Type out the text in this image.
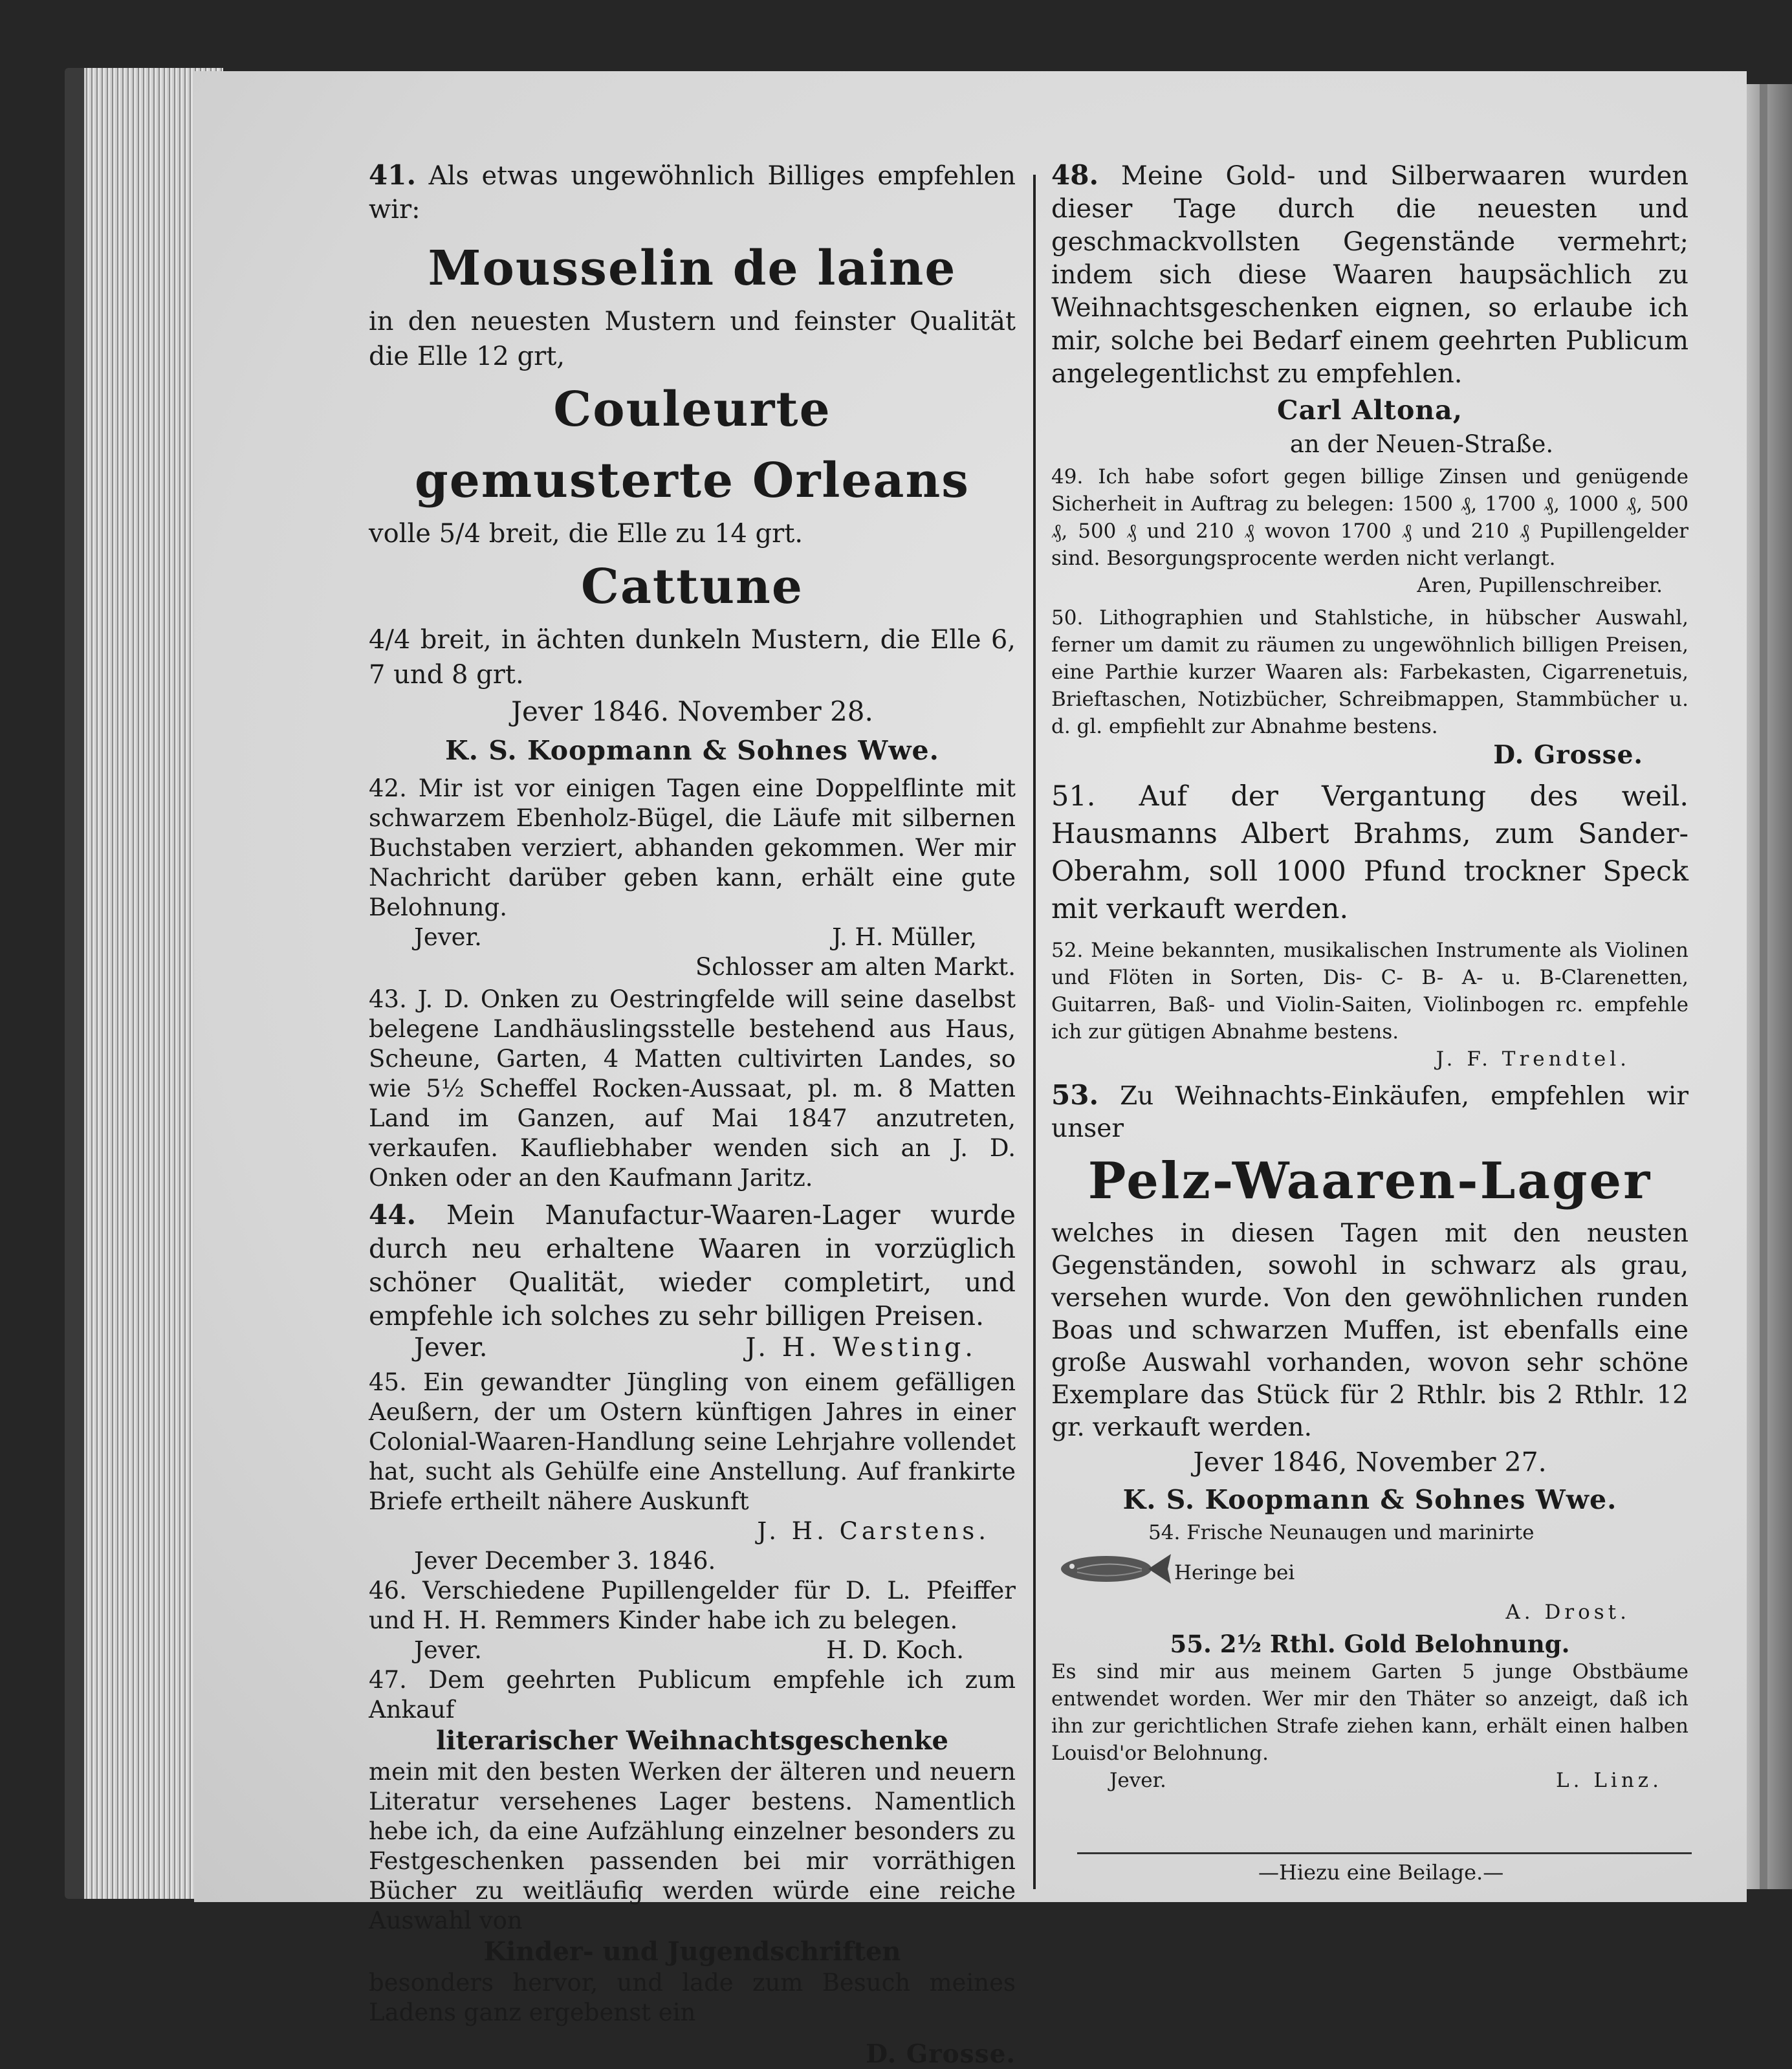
41. Als etwas ungewöhnlich Billiges empfehlen wir:

Mousselin de laine

in den neuesten Mustern und feinster Qualität die Elle 12 grt,

Couleurte

gemusterte Orleans

volle 5/4 breit, die Elle zu 14 grt.

Cattune

4/4 breit, in ächten dunkeln Mustern, die Elle 6, 7 und 8 grt.

Jever 1846. November 28.

K. S. Koopmann & Sohnes Wwe.

42. Mir ist vor einigen Tagen eine Doppelflinte mit schwarzem Ebenholz-Bügel, die Läufe mit silbernen Buchstaben verziert, abhanden gekommen. Wer mir Nachricht darüber geben kann, erhält eine gute Belohnung.

Jever.	J. H. Müller,

Schlosser am alten Markt.

43. J. D. Onken zu Oestringfelde will seine daselbst belegene Landhäuslingsstelle bestehend aus Haus, Scheune, Garten, 4 Matten cultivirten Landes, so wie 5½ Scheffel Rocken-Aussaat, pl. m. 8 Matten Land im Ganzen, auf Mai 1847 anzutreten, verkaufen. Kaufliebhaber wenden sich an J. D. Onken oder an den Kaufmann Jaritz.

44. Mein Manufactur-Waaren-Lager wurde durch neu erhaltene Waaren in vorzüglich schöner Qualität, wieder completirt, und empfehle ich solches zu sehr billigen Preisen.

Jever.	J. H. Westing.

45. Ein gewandter Jüngling von einem gefälligen Aeußern, der um Ostern künftigen Jahres in einer Colonial-Waaren-Handlung seine Lehrjahre vollendet hat, sucht als Gehülfe eine Anstellung. Auf frankirte Briefe ertheilt nähere Auskunft

J. H. Carstens.

Jever December 3. 1846.

46. Verschiedene Pupillengelder für D. L. Pfeiffer und H. H. Remmers Kinder habe ich zu belegen.

Jever.	H. D. Koch.

47. Dem geehrten Publicum empfehle ich zum Ankauf

literarischer Weihnachtsgeschenke

mein mit den besten Werken der älteren und neuern Literatur versehenes Lager bestens. Namentlich hebe ich, da eine Aufzählung einzelner besonders zu Festgeschenken passenden bei mir vorräthigen Bücher zu weitläufig werden würde eine reiche Auswahl von

Kinder- und Jugendschriften

besonders hervor, und lade zum Besuch meines Ladens ganz ergebenst ein

D. Grosse.

48. Meine Gold- und Silberwaaren wurden dieser Tage durch die neuesten und geschmackvollsten Gegenstände vermehrt; indem sich diese Waaren haupsächlich zu Weihnachtsgeschenken eignen, so erlaube ich mir, solche bei Bedarf einem geehrten Publicum angelegentlichst zu empfehlen.

Carl Altona,

an der Neuen-Straße.

49. Ich habe sofort gegen billige Zinsen und genügende Sicherheit in Auftrag zu belegen: 1500 ₰, 1700 ₰, 1000 ₰, 500 ₰, 500 ₰ und 210 ₰ wovon 1700 ₰ und 210 ₰ Pupillengelder sind. Besorgungsprocente werden nicht verlangt.

Aren, Pupillenschreiber.

50. Lithographien und Stahlstiche, in hübscher Auswahl, ferner um damit zu räumen zu ungewöhnlich billigen Preisen, eine Parthie kurzer Waaren als: Farbekasten, Cigarrenetuis, Brieftaschen, Notizbücher, Schreibmappen, Stammbücher u. d. gl. empfiehlt zur Abnahme bestens.

D. Grosse.

51. Auf der Vergantung des weil. Hausmanns Albert Brahms, zum Sander-Oberahm, soll 1000 Pfund trockner Speck mit verkauft werden.

52. Meine bekannten, musikalischen Instrumente als Violinen und Flöten in Sorten, Dis- C- B- A- u. B-Clarenetten, Guitarren, Baß- und Violin-Saiten, Violinbogen rc. empfehle ich zur gütigen Abnahme bestens.

J. F. Trendtel.

53. Zu Weihnachts-Einkäufen, empfehlen wir unser

Pelz-Waaren-Lager

welches in diesen Tagen mit den neusten Gegenständen, sowohl in schwarz als grau, versehen wurde. Von den gewöhnlichen runden Boas und schwarzen Muffen, ist ebenfalls eine große Auswahl vorhanden, wovon sehr schöne Exemplare das Stück für 2 Rthlr. bis 2 Rthlr. 12 gr. verkauft werden.

Jever 1846, November 27.

K. S. Koopmann & Sohnes Wwe.

54. Frische Neunaugen und marinirte

Heringe bei

A. Drost.

55. 2½ Rthl. Gold Belohnung.

Es sind mir aus meinem Garten 5 junge Obstbäume entwendet worden. Wer mir den Thäter so anzeigt, daß ich ihn zur gerichtlichen Strafe ziehen kann, erhält einen halben Louisd'or Belohnung.

Jever.	L. Linz.
—Hiezu eine Beilage.—
